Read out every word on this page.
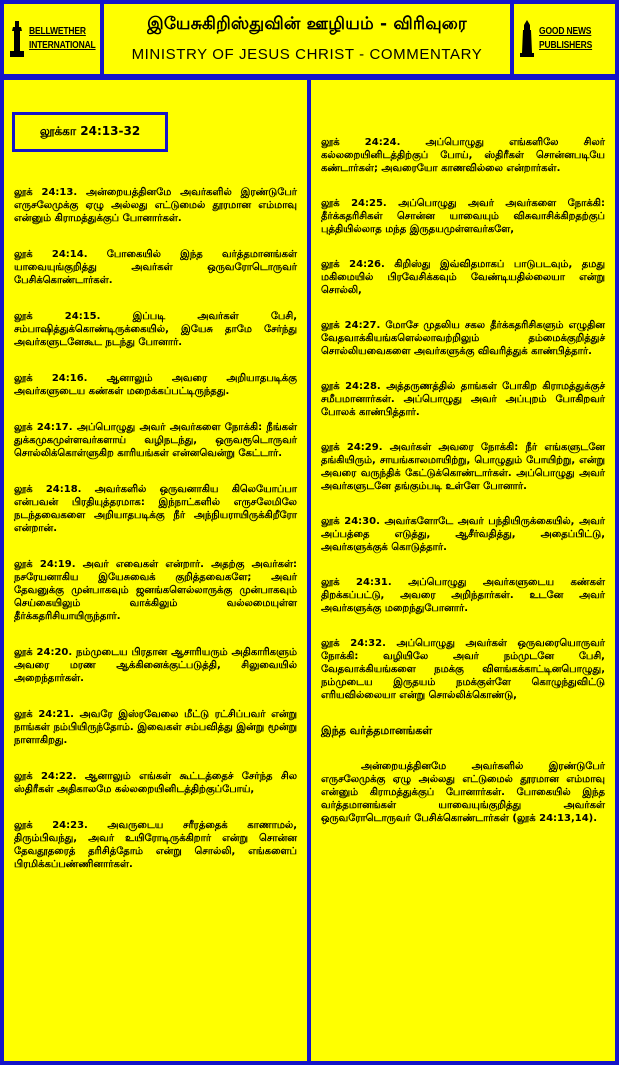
BELLWETHER
INTERNATIONAL
இயேசுகிறிஸ்துவின் ஊழியம் - விரிவுரை
MINISTRY OF JESUS CHRIST - COMMENTARY
GOOD NEWS
PUBLISHERS
லூக்கா 24:13-32
லூக் 24:13. அன்றையத்தினமே அவர்களில் இரண்டுபேர் எருசலேமுக்கு ஏழு அல்லது எட்டுமைல் தூரமான எம்மாவு என்னும் கிராமத்துக்குப் போனார்கள்.
லூக் 24:14. போகையில் இந்த வர்த்தமானங்கள் யாவையுங்குறித்து அவர்கள் ஒருவரோடொருவர் பேசிக்கொண்டார்கள்.
லூக் 24:15. இப்படி அவர்கள் பேசி, சம்பாஷித்துக்கொண்டிருக்கையில், இயேசு தாமே சேர்ந்து அவர்களுடனேகூட நடந்து போனார்.
லூக் 24:16. ஆனாலும் அவரை அறியாதபடிக்கு அவர்களுடைய கண்கள் மறைக்கப்பட்டிருந்தது.
லூக் 24:17. அப்பொழுது அவர் அவர்களை நோக்கி: நீங்கள் துக்கமுகமுள்ளவர்களாய் வழிநடந்து, ஒருவரூடொருவர் சொல்லிக்கொள்ளுகிற காரியங்கள் என்னவென்று கேட்டார்.
லூக் 24:18. அவர்களில் ஒருவனாகிய கிலெயோப்பா என்பவன் பிரதியுத்தரமாக: இந்நாட்களில் எருசலேமிலே நடந்தவைகளை அறியாதபடிக்கு நீர் அந்நியராயிருக்கிறீரோ என்றான்.
லூக் 24:19. அவர் எவைகள் என்றார். அதற்கு அவர்கள்: நசரேயனாகிய இயேசுவைக் குறித்தவைகளே; அவர் தேவனுக்கு முன்பாகவும் ஜனங்களெல்லாருக்கு முன்பாகவும் செய்கையிலும் வாக்கிலும் வல்லமையுள்ள தீர்க்கதரிசியாயிருந்தார்.
லூக் 24:20. நம்முடைய பிரதான ஆசாரியரும் அதிகாரிகளும் அவரை மரண ஆக்கினைக்குட்படுத்தி, சிலுவையில் அறைந்தார்கள்.
லூக் 24:21. அவரே இஸ்ரவேலை மீட்டு ரட்சிப்பவர் என்று நாங்கள் நம்பியிருந்தோம். இவைகள் சம்பவித்து இன்று மூன்று நாளாகிறது.
லூக் 24:22. ஆனாலும் எங்கள் கூட்டத்தைச் சேர்ந்த சில ஸ்திரீகள் அதிகாலமே கல்லறையினிடத்திற்குப்போய்,
லூக் 24:23. அவருடைய சரீரத்தைக் காணாமல், திரும்பிவந்து, அவர் உயிரோடிருக்கிறார் என்று சொன்ன தேவதூதரைத் தரிசித்தோம் என்று சொல்லி, எங்களைப் பிரமிக்கப்பண்ணினார்கள்.
லூக் 24:24. அப்பொழுது எங்களிலே சிலர் கல்லறையினிடத்திற்குப் போய், ஸ்திரீகள் சொன்னபடியே கண்டார்கள்; அவரையோ காணவில்லை என்றார்கள்.
லூக் 24:25. அப்பொழுது அவர் அவர்களை நோக்கி: தீர்க்கதரிசிகள் சொன்ன யாவையும் விசுவாசிக்கிறதற்குப் புத்தியில்லாத மந்த இருதயமுள்ளவர்களே,
லூக் 24:26. கிறிஸ்து இவ்விதமாகப் பாடுபடவும், தமது மகிமையில் பிரவேசிக்கவும் வேண்டியதில்லையா என்று சொல்லி,
லூக் 24:27. மோசே முதலிய சகல தீர்க்கதரிசிகளும் எழுதின வேதவாக்கியங்களெல்லாவற்றிலும் தம்மைக்குறித்துச் சொல்லியவைகளை அவர்களுக்கு விவரித்துக் காண்பித்தார்.
லூக் 24:28. அத்தருணத்தில் தாங்கள் போகிற கிராமத்துக்குச் சமீபமானார்கள். அப்பொழுது அவர் அப்புறம் போகிறவர் போலக் காண்பித்தார்.
லூக் 24:29. அவர்கள் அவரை நோக்கி: நீர் எங்களுடனே தங்கியிரும், சாயங்காலமாயிற்று, பொழுதும் போயிற்று, என்று அவரை வருந்திக் கேட்டுக்கொண்டார்கள். அப்பொழுது அவர் அவர்களுடனே தங்கும்படி உள்ளே போனார்.
லூக் 24:30. அவர்களோடே அவர் பந்தியிருக்கையில், அவர் அப்பத்தை எடுத்து, ஆசீர்வதித்து, அதைப்பிட்டு, அவர்களுக்குக் கொடுத்தார்.
லூக் 24:31. அப்பொழுது அவர்களுடைய கண்கள் திறக்கப்பட்டு, அவரை அறிந்தார்கள். உடனே அவர் அவர்களுக்கு மறைந்துபோனார்.
லூக் 24:32. அப்பொழுது அவர்கள் ஒருவரையொருவர் நோக்கி: வழியிலே அவர் நம்முடனே பேசி, வேதவாக்கியங்களை நமக்கு விளங்கக்காட்டினபொழுது, நம்முடைய இருதயம் நமக்குள்ளே கொழுந்துவிட்டு எரியவில்லையா என்று சொல்லிக்கொண்டு,
இந்த வர்த்தமானங்கள்
அன்றையத்தினமே அவர்களில் இரண்டுபேர் எருசலேமுக்கு ஏழு அல்லது எட்டுமைல் தூரமான எம்மாவு என்னும் கிராமத்துக்குப் போனார்கள். போகையில் இந்த வர்த்தமானங்கள் யாவையுங்குறித்து அவர்கள் ஒருவரோடொருவர் பேசிக்கொண்டார்கள் (லூக் 24:13,14).
